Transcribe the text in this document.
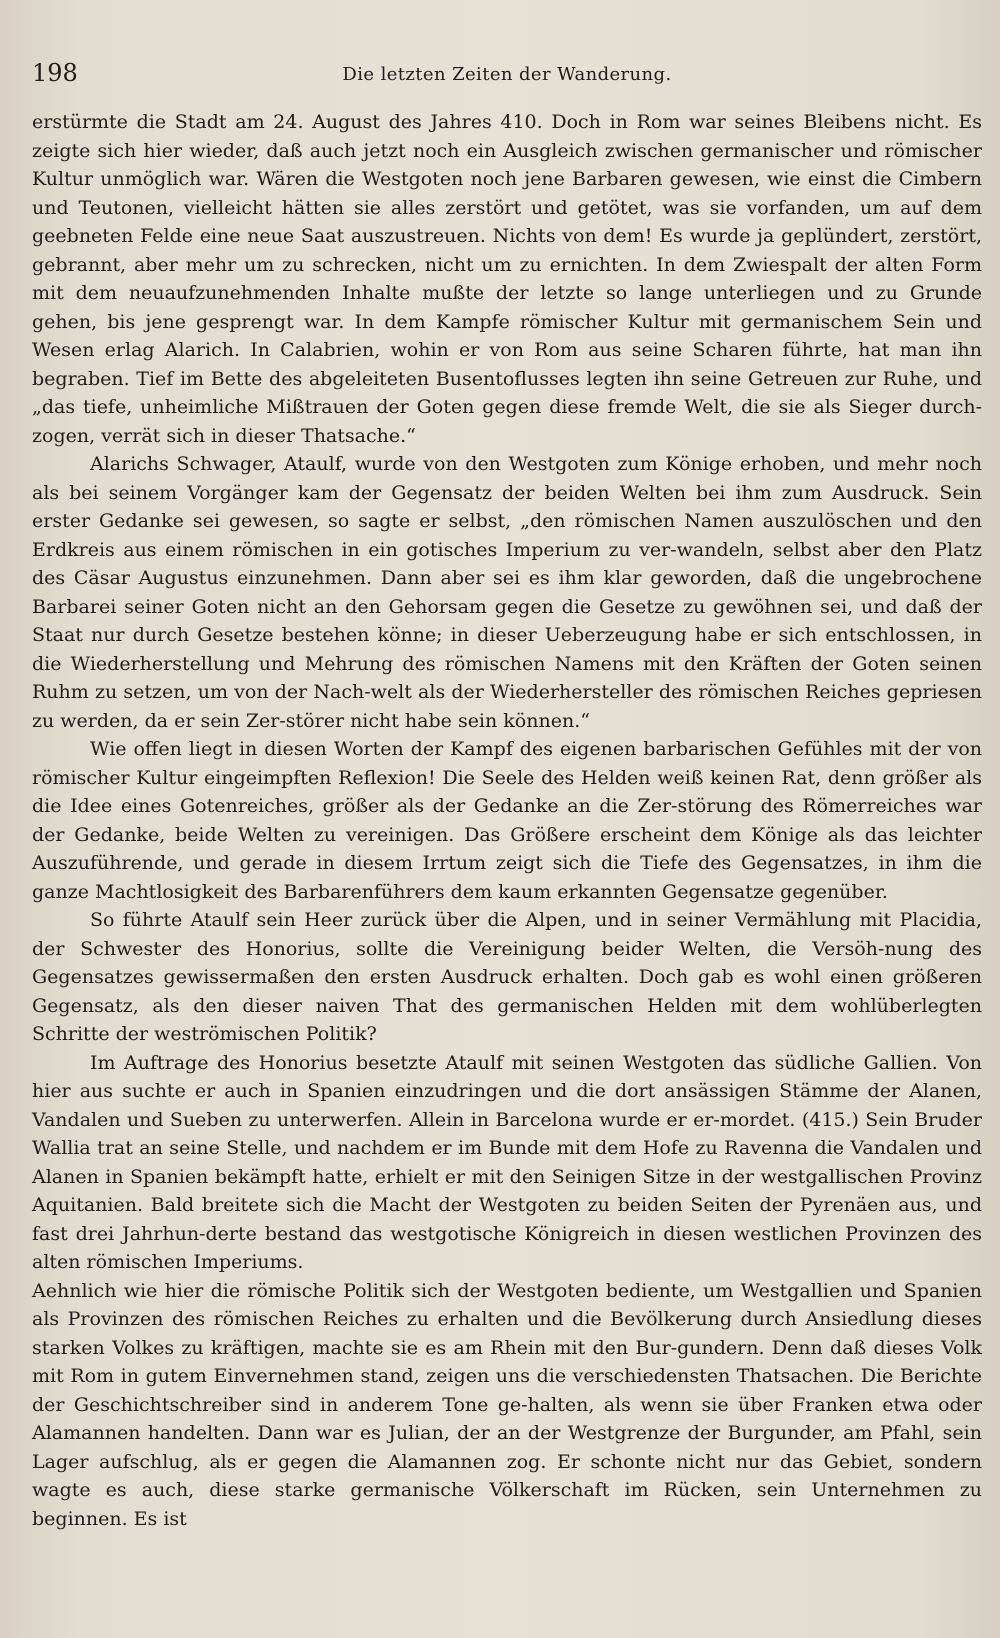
198	Die letzten Zeiten der Wanderung.

erstürmte die Stadt am 24. August des Jahres 410. Doch in Rom war seines Bleibens nicht. Es zeigte sich hier wieder, daß auch jetzt noch ein Ausgleich zwischen germanischer und römischer Kultur unmöglich war. Wären die Westgoten noch jene Barbaren gewesen, wie einst die Cimbern und Teutonen, vielleicht hätten sie alles zerstört und getötet, was sie vorfanden, um auf dem geebneten Felde eine neue Saat auszustreuen. Nichts von dem! Es wurde ja geplündert, zerstört, gebrannt, aber mehr um zu schrecken, nicht um zu ernichten. In dem Zwiespalt der alten Form mit dem neuaufzunehmenden Inhalte mußte der letzte so lange unterliegen und zu Grunde gehen, bis jene gesprengt war. In dem Kampfe römischer Kultur mit germanischem Sein und Wesen erlag Alarich. In Calabrien, wohin er von Rom aus seine Scharen führte, hat man ihn begraben. Tief im Bette des abgeleiteten Busentoflusses legten ihn seine Getreuen zur Ruhe, und „das tiefe, unheimliche Mißtrauen der Goten gegen diese fremde Welt, die sie als Sieger durch-zogen, verrät sich in dieser Thatsache.“

Alarichs Schwager, Ataulf, wurde von den Westgoten zum Könige erhoben, und mehr noch als bei seinem Vorgänger kam der Gegensatz der beiden Welten bei ihm zum Ausdruck. Sein erster Gedanke sei gewesen, so sagte er selbst, „den römischen Namen auszulöschen und den Erdkreis aus einem römischen in ein gotisches Imperium zu ver-wandeln, selbst aber den Platz des Cäsar Augustus einzunehmen. Dann aber sei es ihm klar geworden, daß die ungebrochene Barbarei seiner Goten nicht an den Gehorsam gegen die Gesetze zu gewöhnen sei, und daß der Staat nur durch Gesetze bestehen könne; in dieser Ueberzeugung habe er sich entschlossen, in die Wiederherstellung und Mehrung des römischen Namens mit den Kräften der Goten seinen Ruhm zu setzen, um von der Nach-welt als der Wiederhersteller des römischen Reiches gepriesen zu werden, da er sein Zer-störer nicht habe sein können.“

Wie offen liegt in diesen Worten der Kampf des eigenen barbarischen Gefühles mit der von römischer Kultur eingeimpften Reflexion! Die Seele des Helden weiß keinen Rat, denn größer als die Idee eines Gotenreiches, größer als der Gedanke an die Zer-störung des Römerreiches war der Gedanke, beide Welten zu vereinigen. Das Größere erscheint dem Könige als das leichter Auszuführende, und gerade in diesem Irrtum zeigt sich die Tiefe des Gegensatzes, in ihm die ganze Machtlosigkeit des Barbarenführers dem kaum erkannten Gegensatze gegenüber.

So führte Ataulf sein Heer zurück über die Alpen, und in seiner Vermählung mit Placidia, der Schwester des Honorius, sollte die Vereinigung beider Welten, die Versöh-nung des Gegensatzes gewissermaßen den ersten Ausdruck erhalten. Doch gab es wohl einen größeren Gegensatz, als den dieser naiven That des germanischen Helden mit dem wohlüberlegten Schritte der weströmischen Politik?

Im Auftrage des Honorius besetzte Ataulf mit seinen Westgoten das südliche Gallien. Von hier aus suchte er auch in Spanien einzudringen und die dort ansässigen Stämme der Alanen, Vandalen und Sueben zu unterwerfen. Allein in Barcelona wurde er er-mordet. (415.) Sein Bruder Wallia trat an seine Stelle, und nachdem er im Bunde mit dem Hofe zu Ravenna die Vandalen und Alanen in Spanien bekämpft hatte, erhielt er mit den Seinigen Sitze in der westgallischen Provinz Aquitanien. Bald breitete sich die Macht der Westgoten zu beiden Seiten der Pyrenäen aus, und fast drei Jahrhun-derte bestand das westgotische Königreich in diesen westlichen Provinzen des alten römischen Imperiums.

Aehnlich wie hier die römische Politik sich der Westgoten bediente, um Westgallien und Spanien als Provinzen des römischen Reiches zu erhalten und die Bevölkerung durch Ansiedlung dieses starken Volkes zu kräftigen, machte sie es am Rhein mit den Bur-gundern. Denn daß dieses Volk mit Rom in gutem Einvernehmen stand, zeigen uns die verschiedensten Thatsachen. Die Berichte der Geschichtschreiber sind in anderem Tone ge-halten, als wenn sie über Franken etwa oder Alamannen handelten. Dann war es Julian, der an der Westgrenze der Burgunder, am Pfahl, sein Lager aufschlug, als er gegen die Alamannen zog. Er schonte nicht nur das Gebiet, sondern wagte es auch, diese starke germanische Völkerschaft im Rücken, sein Unternehmen zu beginnen. Es ist
